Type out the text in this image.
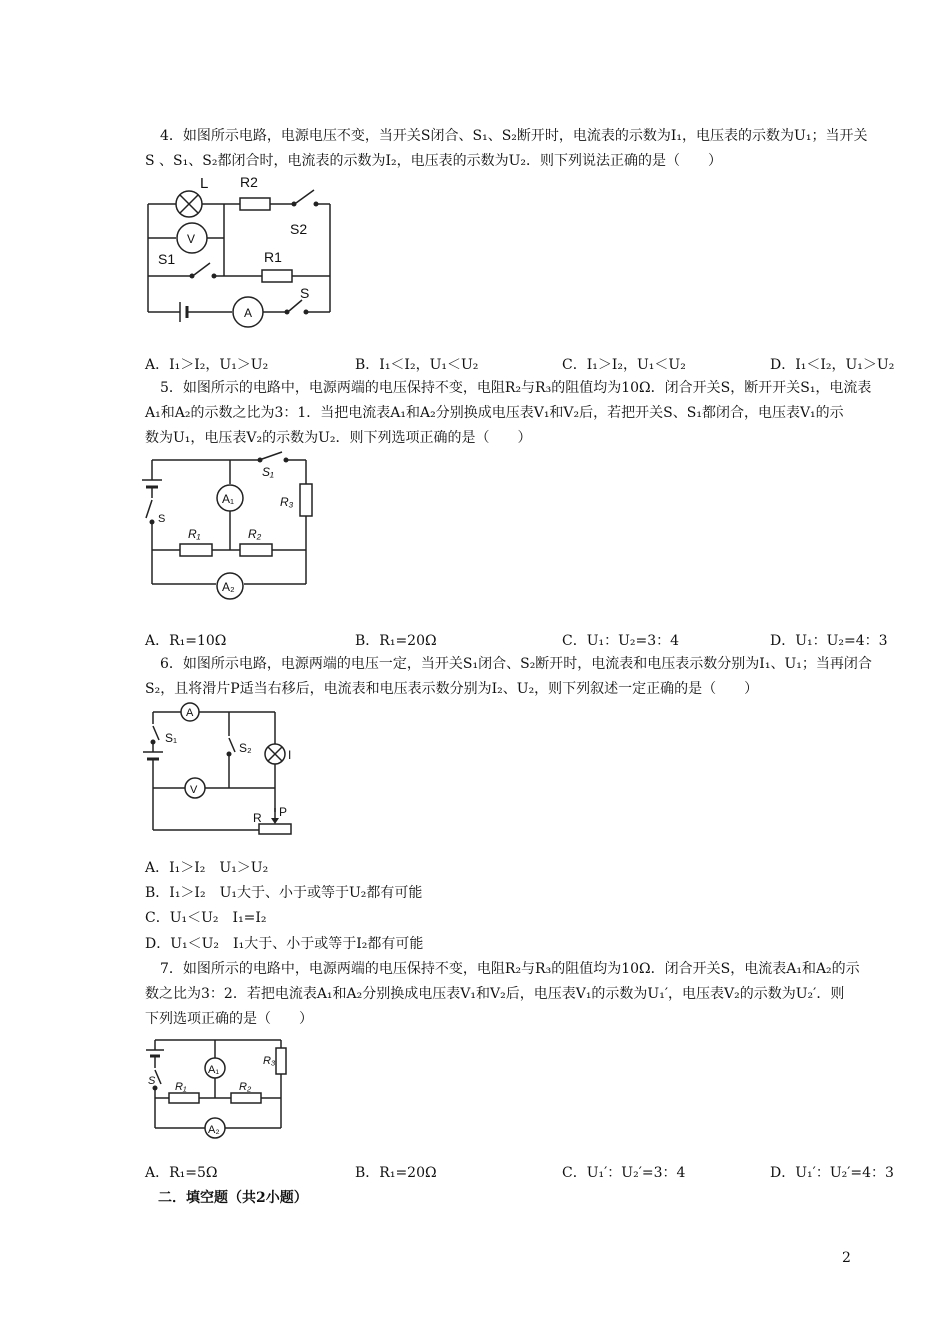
4．如图所示电路，电源电压不变，当开关S闭合、S₁、S₂断开时，电流表的示数为I₁，电压表的示数为U₁；当开关
S 、S₁、S₂都闭合时，电流表的示数为I₂，电压表的示数为U₂．则下列说法正确的是（　　）
L
V
R2
S2
S1	R1
A
S
A．I₁＞I₂，U₁＞U₂	B．I₁＜I₂，U₁＜U₂	C．I₁＞I₂，U₁＜U₂	D．I₁＜I₂，U₁＞U₂
5．如图所示的电路中，电源两端的电压保持不变，电阻R₂与R₃的阻值均为10Ω．闭合开关S，断开开关S₁，电流表
A₁和A₂的示数之比为3：1．当把电流表A₁和A₂分别换成电压表V₁和V₂后，若把开关S、S₁都闭合，电压表V₁的示
数为U₁，电压表V₂的示数为U₂．则下列选项正确的是（　　）
S₁
S
A₁	R₃
R₁	R₂
A₂
A．R₁=10Ω	B．R₁=20Ω	C．U₁：U₂=3：4	D．U₁：U₂=4：3
6．如图所示电路，电源两端的电压一定，当开关S₁闭合、S₂断开时，电流表和电压表示数分别为I₁、U₁；当再闭合
S₂，且将滑片P适当右移后，电流表和电压表示数分别为I₂、U₂，则下列叙述一定正确的是（　　）
A
S₁
S₂	I
V
R P
A．I₁＞I₂　U₁＞U₂
B．I₁＞I₂　U₁大于、小于或等于U₂都有可能
C．U₁＜U₂　I₁=I₂
D．U₁＜U₂　I₁大于、小于或等于I₂都有可能
7．如图所示的电路中，电源两端的电压保持不变，电阻R₂与R₃的阻值均为10Ω．闭合开关S，电流表A₁和A₂的示
数之比为3：2．若把电流表A₁和A₂分别换成电压表V₁和V₂后，电压表V₁的示数为U₁′，电压表V₂的示数为U₂′．则
下列选项正确的是（　　）
S
A₁
R₃
R₁	R₂
A₂
A．R₁=5Ω	B．R₁=20Ω	C．U₁′：U₂′=3：4	D．U₁′：U₂′=4：3
二．填空题（共2小题）
2
